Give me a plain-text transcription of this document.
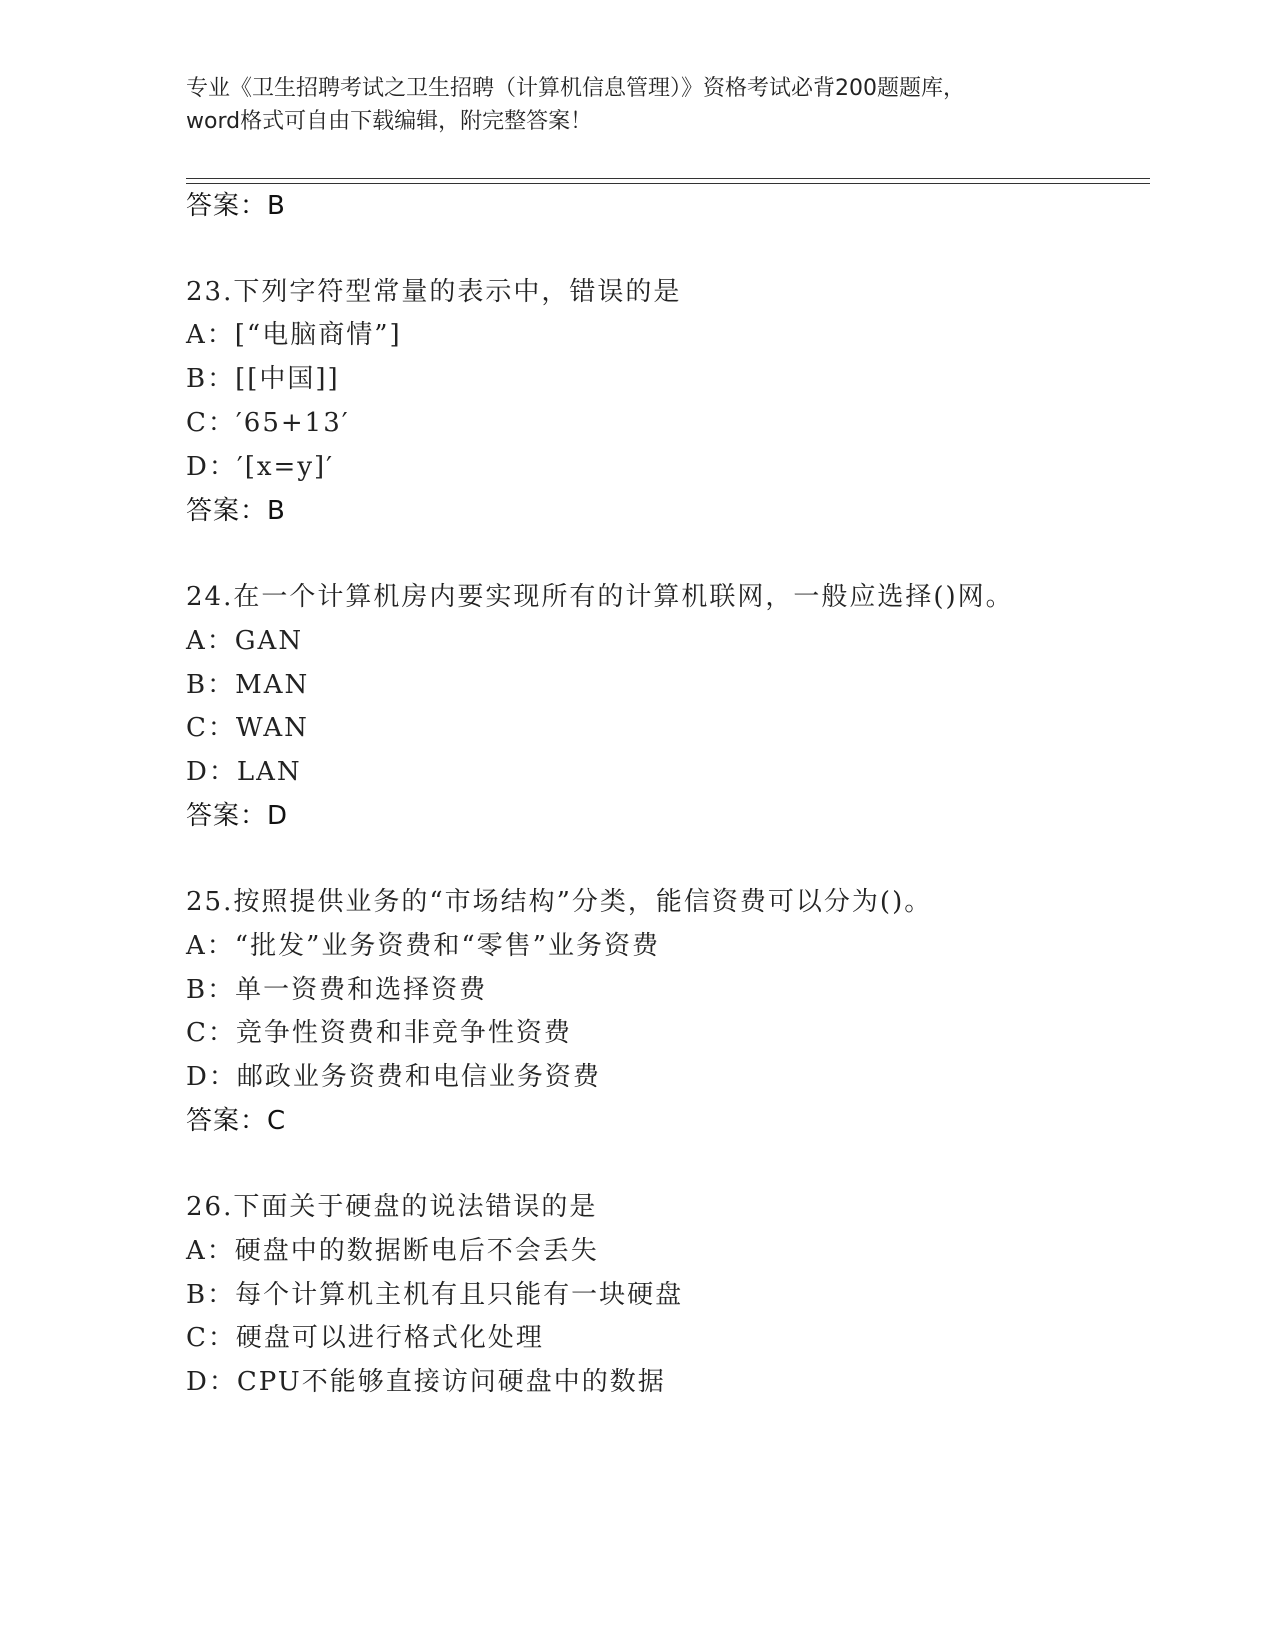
专业《卫生招聘考试之卫生招聘（计算机信息管理）》资格考试必背200题题库，
word格式可自由下载编辑，附完整答案！
答案：B
23.下列字符型常量的表示中，错误的是
A：[“电脑商情”]
B：[[中国]]
C：′65+13′
D：′[x=y]′
答案：B
24.在一个计算机房内要实现所有的计算机联网，一般应选择()网。
A：GAN
B：MAN
C：WAN
D：LAN
答案：D
25.按照提供业务的“市场结构”分类，能信资费可以分为()。
A：“批发”业务资费和“零售”业务资费
B：单一资费和选择资费
C：竞争性资费和非竞争性资费
D：邮政业务资费和电信业务资费
答案：C
26.下面关于硬盘的说法错误的是
A：硬盘中的数据断电后不会丢失
B：每个计算机主机有且只能有一块硬盘
C：硬盘可以进行格式化处理
D：CPU不能够直接访问硬盘中的数据
